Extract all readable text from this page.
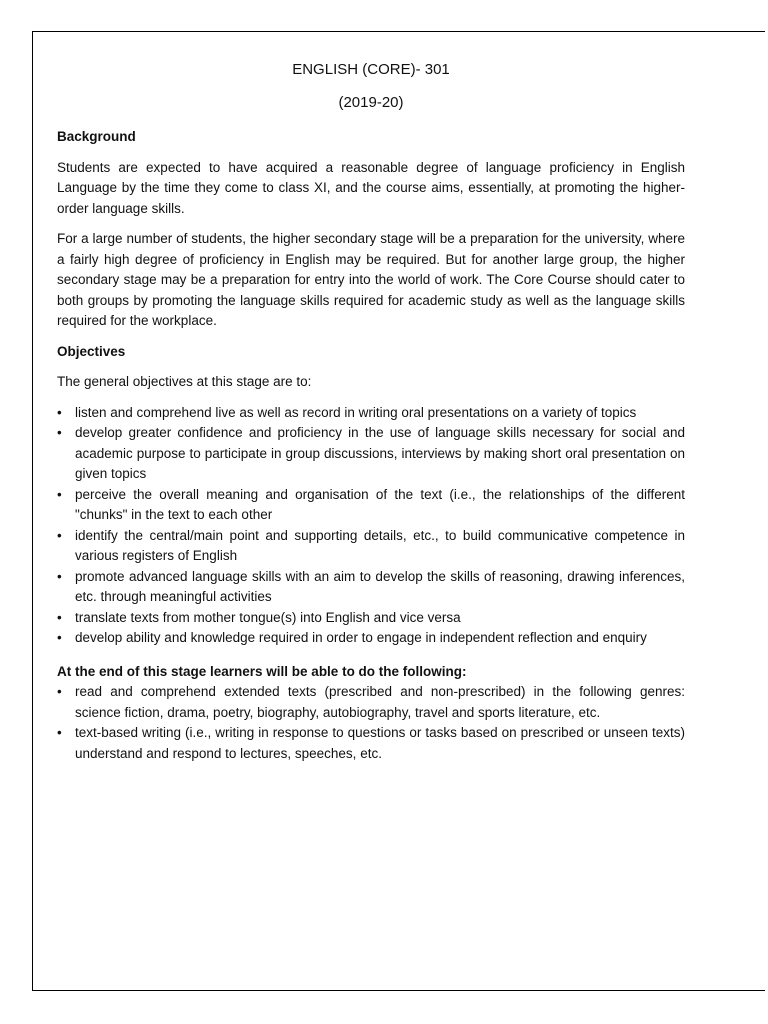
ENGLISH (CORE)- 301
(2019-20)
Background

Students are expected to have acquired a reasonable degree of language proficiency in English Language by the time they come to class XI, and the course aims, essentially, at promoting the higher-order language skills.

For a large number of students, the higher secondary stage will be a preparation for the university, where a fairly high degree of proficiency in English may be required. But for another large group, the higher secondary stage may be a preparation for entry into the world of work. The Core Course should cater to both groups by promoting the language skills required for academic study as well as the language skills required for the workplace.

Objectives

The general objectives at this stage are to:

• listen and comprehend live as well as record in writing oral presentations on a variety of topics
• develop greater confidence and proficiency in the use of language skills necessary for social and academic purpose to participate in group discussions, interviews by making short oral presentation on given topics
• perceive the overall meaning and organisation of the text (i.e., the relationships of the different "chunks" in the text to each other
• identify the central/main point and supporting details, etc., to build communicative competence in various registers of English
• promote advanced language skills with an aim to develop the skills of reasoning, drawing inferences, etc. through meaningful activities
• translate texts from mother tongue(s) into English and vice versa
• develop ability and knowledge required in order to engage in independent reflection and enquiry
At the end of this stage learners will be able to do the following:
• read and comprehend extended texts (prescribed and non-prescribed) in the following genres: science fiction, drama, poetry, biography, autobiography, travel and sports literature, etc.
• text-based writing (i.e., writing in response to questions or tasks based on prescribed or unseen texts) understand and respond to lectures, speeches, etc.
